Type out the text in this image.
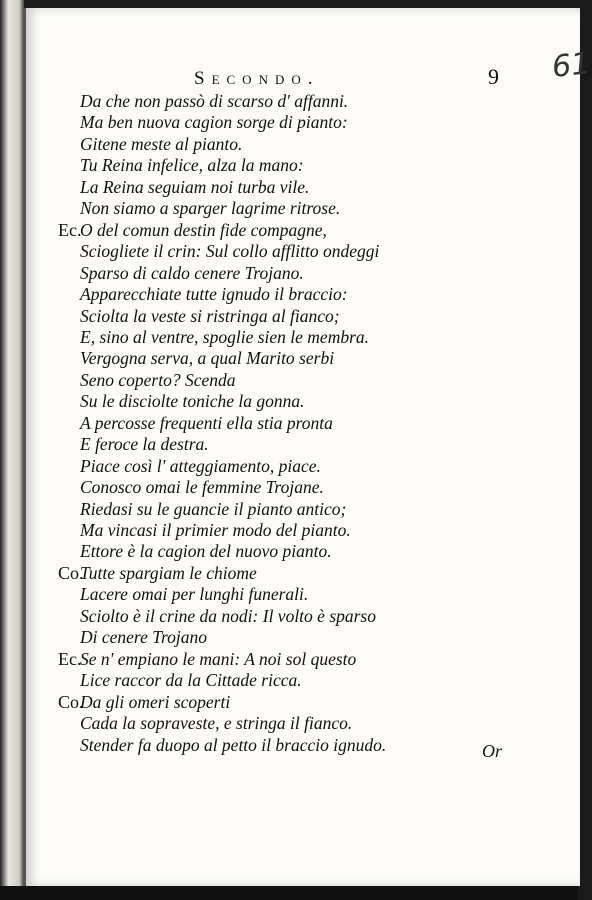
61
Secondo.	9
Da che non passò di scarso d' affanni.
Ma ben nuova cagion sorge di pianto:
Gitene meste al pianto.
Tu Reina infelice, alza la mano:
La Reina seguiam noi turba vile.
Non siamo a sparger lagrime ritrose.
Ec.
O del comun destin fide compagne,
Sciogliete il crin: Sul collo afflitto ondeggi
Sparso di caldo cenere Trojano.
Apparecchiate tutte ignudo il braccio:
Sciolta la veste si ristringa al fianco;
E, sino al ventre, spoglie sien le membra.
Vergogna serva, a qual Marito serbi
Seno coperto? Scenda
Su le disciolte toniche la gonna.
A percosse frequenti ella stia pronta
E feroce la destra.
Piace così l' atteggiamento, piace.
Conosco omai le femmine Trojane.
Riedasi su le guancie il pianto antico;
Ma vincasi il primier modo del pianto.
Ettore è la cagion del nuovo pianto.
Co.
Tutte spargiam le chiome
Lacere omai per lunghi funerali.
Sciolto è il crine da nodi: Il volto è sparso
Di cenere Trojano
Ec.
Se n' empiano le mani: A noi sol questo
Lice raccor da la Cittade ricca.
Co.
Da gli omeri scoperti
Cada la sopraveste, e stringa il fianco.
Stender fa duopo al petto il braccio ignudo.	Or
